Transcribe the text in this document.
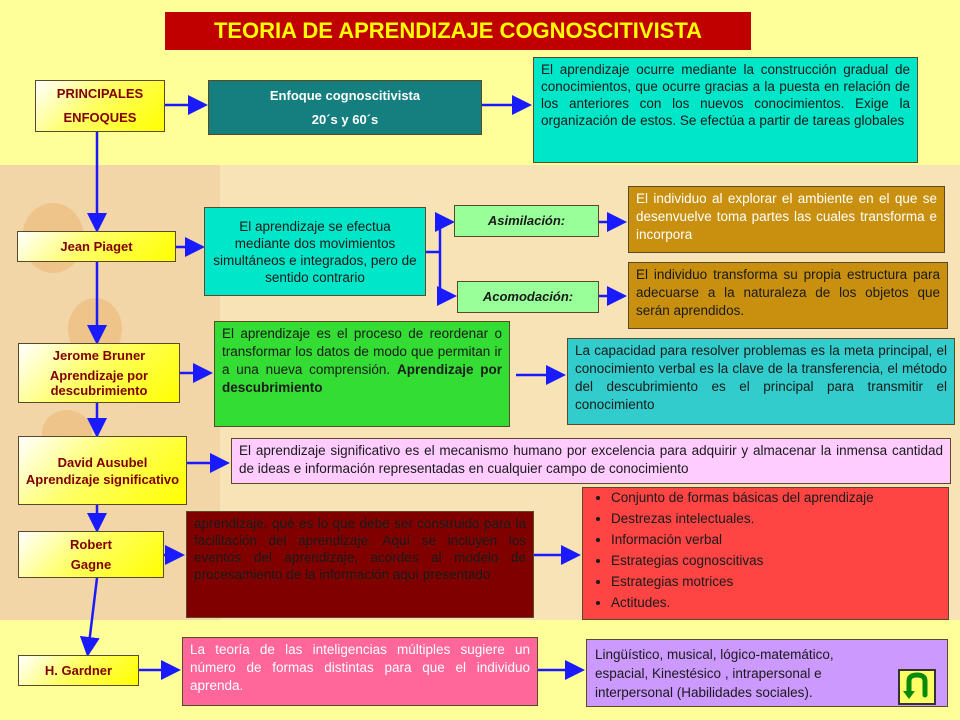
TEORIA DE APRENDIZAJE COGNOSCITIVISTA
PRINCIPALES
ENFOQUES
Enfoque cognoscitivista
20´s y 60´s
El aprendizaje ocurre mediante la construcción gradual de conocimientos, que ocurre gracias a la puesta en relación de los anteriores con los nuevos conocimientos. Exige la organización de estos. Se efectúa a partir de tareas globales
Jean Piaget
El aprendizaje se efectua mediante dos movimientos simultáneos e integrados, pero de sentido contrario
Asimilación:
Acomodación:
El individuo al explorar el ambiente en el que se desenvuelve toma partes las cuales transforma e incorpora
El individuo transforma su propia estructura para adecuarse a la naturaleza de los objetos que serán aprendidos.
Jerome Bruner
Aprendizaje por descubrimiento
El aprendizaje es el proceso de reordenar o transformar los datos de modo que permitan ir a una nueva comprensión. Aprendizaje por descubrimiento
La capacidad para resolver problemas es la meta principal, el conocimiento verbal es la clave de la transferencia, el método del descubrimiento es el principal para transmitir el conocimiento
David Ausubel
Aprendizaje significativo
El aprendizaje significativo es el mecanismo humano por excelencia para adquirir y almacenar la inmensa cantidad de ideas e información representadas en cualquier campo de conocimiento
Robert
Gagne
aprendizaje, qué es lo que debe ser construido para la facilitación del aprendizaje. Aquí se incluyen los eventos del aprendizaje, acordes al modelo de procesamiento de la información aquí presentado
• Conjunto de formas básicas del aprendizaje
• Destrezas intelectuales.
• Información verbal
• Estrategias cognoscitivas
• Estrategias motrices
• Actitudes.
H. Gardner
La teoría de las inteligencias múltiples sugiere un número de formas distintas para que el individuo aprenda.
Lingüístico, musical, lógico-matemático, espacial, Kinestésico , intrapersonal e interpersonal (Habilidades sociales).
